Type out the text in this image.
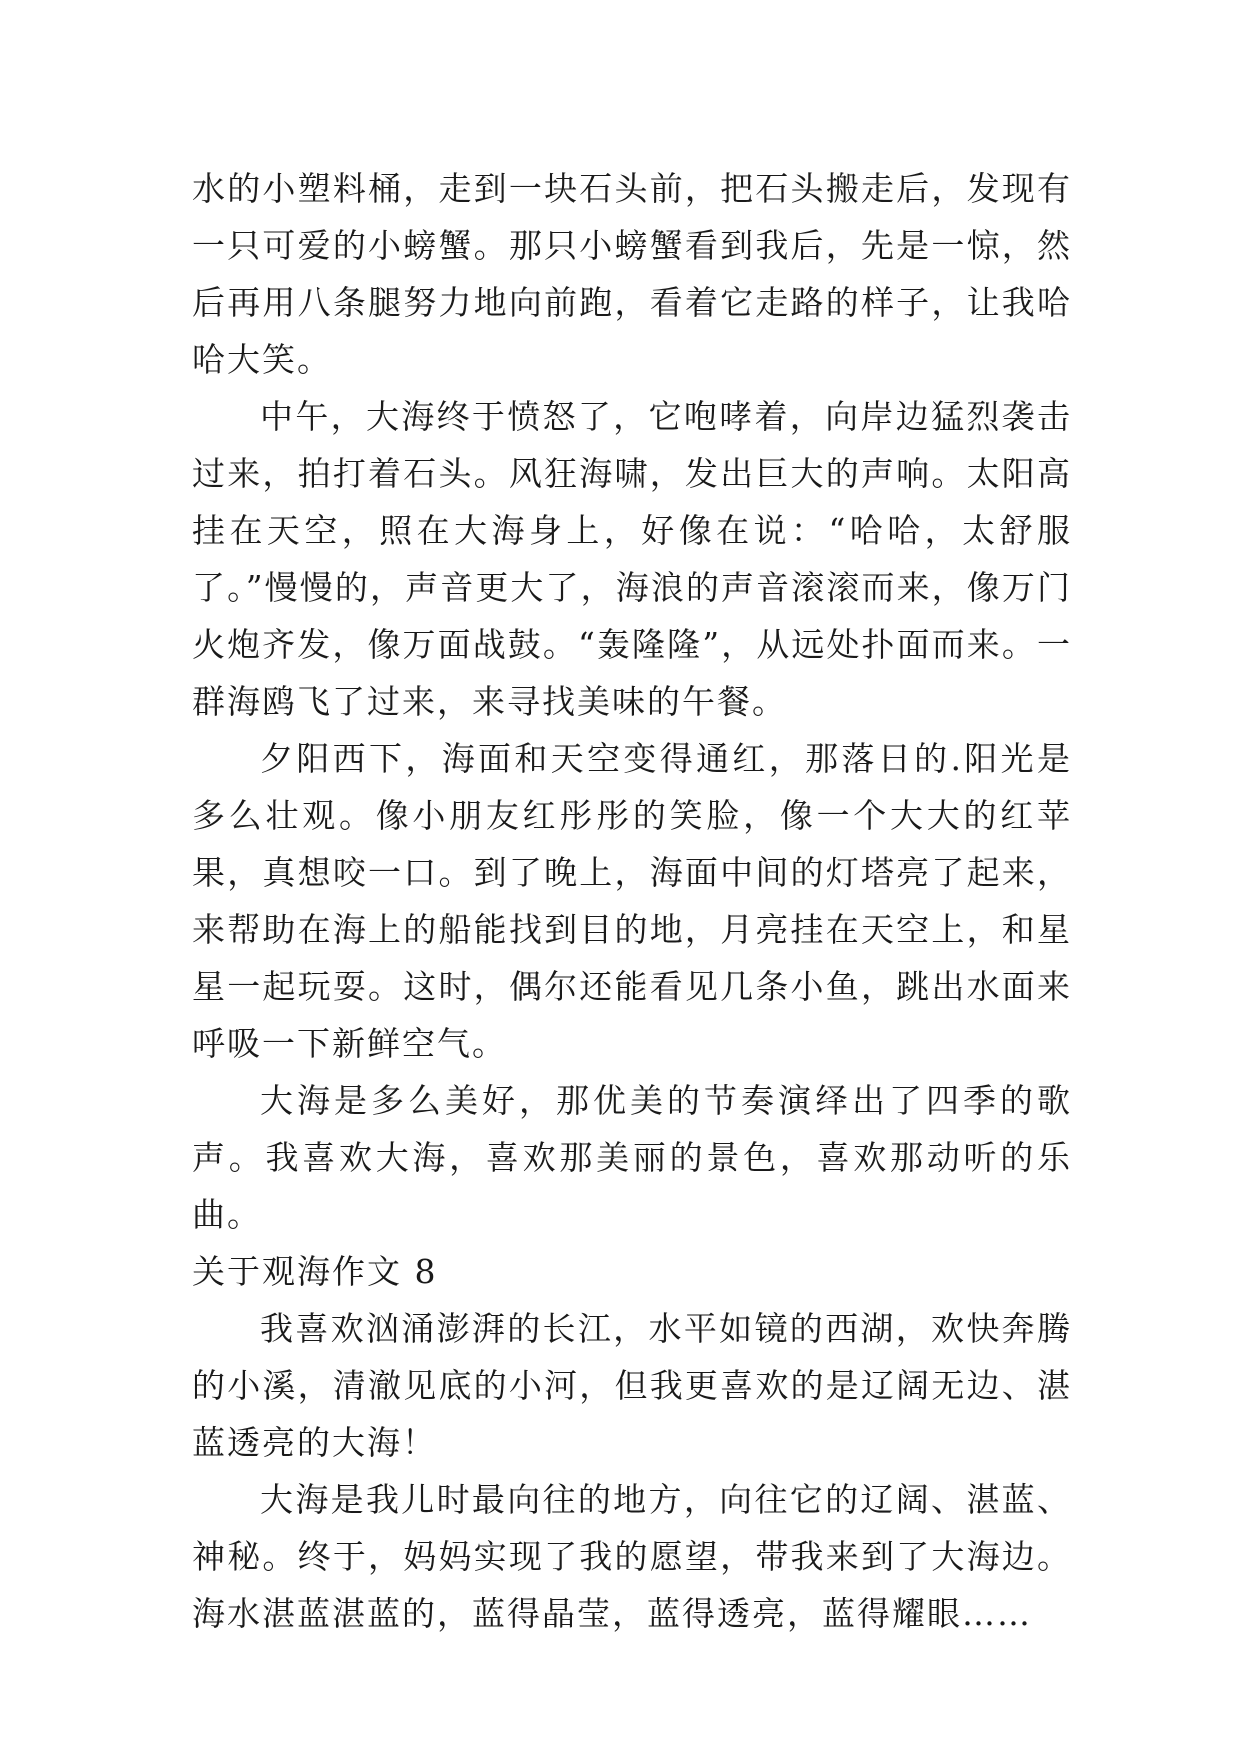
水的小塑料桶，走到一块石头前，把石头搬走后，发现有一只可爱的小螃蟹。那只小螃蟹看到我后，先是一惊，然后再用八条腿努力地向前跑，看着它走路的样子，让我哈哈大笑。

中午，大海终于愤怒了，它咆哮着，向岸边猛烈袭击过来，拍打着石头。风狂海啸，发出巨大的声响。太阳高挂在天空，照在大海身上，好像在说：“哈哈，太舒服了。”慢慢的，声音更大了，海浪的声音滚滚而来，像万门火炮齐发，像万面战鼓。“轰隆隆”，从远处扑面而来。一群海鸥飞了过来，来寻找美味的午餐。

夕阳西下，海面和天空变得通红，那落日的.阳光是多么壮观。像小朋友红彤彤的笑脸，像一个大大的红苹果，真想咬一口。到了晚上，海面中间的灯塔亮了起来，来帮助在海上的船能找到目的地，月亮挂在天空上，和星星一起玩耍。这时，偶尔还能看见几条小鱼，跳出水面来呼吸一下新鲜空气。

大海是多么美好，那优美的节奏演绎出了四季的歌声。我喜欢大海，喜欢那美丽的景色，喜欢那动听的乐曲。

关于观海作文 8

我喜欢汹涌澎湃的长江，水平如镜的西湖，欢快奔腾的小溪，清澈见底的小河，但我更喜欢的是辽阔无边、湛蓝透亮的大海！

大海是我儿时最向往的地方，向往它的辽阔、湛蓝、神秘。终于，妈妈实现了我的愿望，带我来到了大海边。海水湛蓝湛蓝的，蓝得晶莹，蓝得透亮，蓝得耀眼……
